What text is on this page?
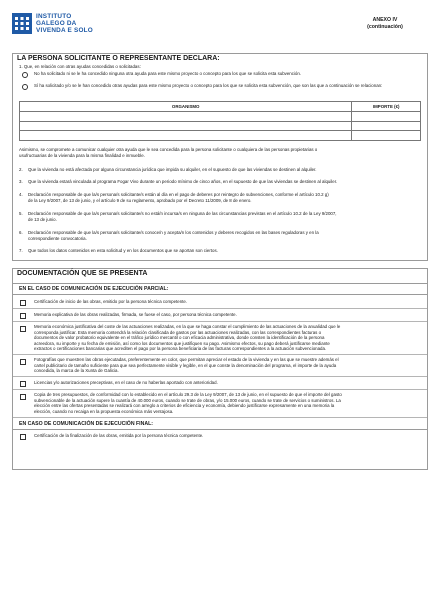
INSTITUTO
GALEGO DA
VIVENDA E SOLO
ANEXO IV
(continuación)
LA PERSONA SOLICITANTE O REPRESENTANTE DECLARA:
1. Que, en relación con otras ayudas concedidas o solicitadas:
No ha solicitado ni se le ha concedido ninguna otra ayuda para este mismo proyecto o concepto para los que se solicita esta subvención.
Sí ha solicitado y/o se le han concedido otras ayudas para este mismo proyecto o concepto para los que se solicita esta subvención, que son las que a continuación se relacionan:
ORGANISMO	IMPORTE (€)

Asimismo, se compromete a comunicar cualquier otra ayuda que le sea concedida para la persona solicitante o cualquiera de las personas propietarias o
usufructuarias de la vivienda para la misma finalidad e inmueble.
2. Que la vivienda no está afectada por alguna circunstancia jurídica que impida su alquiler, en el supuesto de que las viviendas se destinen al alquiler.
3. Que la vivienda estará vinculada al programa Fogar Vivo durante un periodo mínimo de cinco años, en el supuesto de que las viviendas se destinen al alquiler.
4. Declaración responsable de que la/s persona/s solicitante/s están al día en el pago de deberes por reintegro de subvenciones, conforme el artículo 10.2 g)
de la Ley 9/2007, de 13 de junio, y el artículo 9 de su reglamento, aprobado por el Decreto 11/2009, de 8 de enero.
5. Declaración responsable de que la/s persona/s solicitante/s no está/n incursa/s en ninguna de las circunstancias previstas en el artículo 10.2 de la Ley 9/2007,
de 13 de junio.
6. Declaración responsable de que la/s persona/s solicitante/s conoce/n y acepta/n los contenidos y deberes recogidos en las bases reguladoras y en la
correspondiente convocatoria.
7. Que todos los datos contenidos en esta solicitud y en los documentos que se aportan son ciertos.
DOCUMENTACIÓN QUE SE PRESENTA
EN EL CASO DE COMUNICACIÓN DE EJECUCIÓN PARCIAL:
Certificación de inicio de las obras, emitido por la persona técnica competente.
Memoria explicativa de las obras realizadas, firmada, se fuese el caso, por persona técnica competente.
Memoria económica justificativa del coste de las actuaciones realizadas, en la que se haga constar el cumplimiento de las actuaciones de la anualidad que le
corresponda justificar. Esta memoria contendrá la relación clasificada de gastos por las actuaciones realizadas, con las correspondientes facturas o
documentos de valor probatorio equivalente en el tráfico jurídico mercantil o con eficacia administrativa, donde consten la identificación de la persona
acreedora, su importe y su fecha de emisión, así como los documentos que justifiquen su pago. Asimismo efectos, su pago deberá justificarse mediante
extractos o certificaciones bancarias que acrediten el pago por la persona beneficiaria de las facturas correspondientes a la actuación subvencionada.
Fotografías que muestren las obras ejecutadas, preferentemente en color, que permitan apreciar el estado de la vivienda y en las que se muestre además el
cartel publicitario de tamaño suficiente para que sea perfectamente visible y legible, en el que conste la denominación del programa, el importe de la ayuda
concedida, la marca de la Xunta de Galicia.
Licencias y/o autorizaciones preceptivas, en el caso de no haberlas aportado con anterioridad.
Copia de tres presupuestos, de conformidad con lo establecido en el artículo 29.3 de la Ley 9/2007, de 13 de junio, en el supuesto de que el importe del gasto
subvencionable de la actuación supere la cuantía de 40.000 euros, cuando se trate de obras, y/o 15.000 euros, cuando se trate de servicios o suministros. La
elección entre las ofertas presentadas se realizará con arreglo a criterios de eficiencia y economía, debiendo justificarse expresamente en una memoria la
elección, cuando no recaiga en la propuesta económica más ventajosa.
EN CASO DE COMUNICACIÓN DE EJECUCIÓN FINAL:
Certificación de la finalización de las obras, emitida por la persona técnica competente.
